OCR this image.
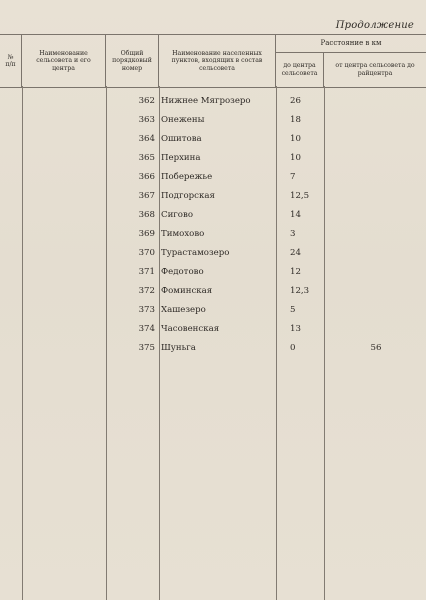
Продолжение
№
п/п
Наименование сельсовета и его центра
Общий порядковый номер
Наименование населенных пунктов, входящих в состав сельсовета
Расстояние в км
до центра сельсовета
от центра сельсовета до райцентра
362 Нижнее Мягрозеро	26
363 Онежены	18
364 Ошитова	10
365 Перхина	10
366 Побережье	7
367 Подгорская	12,5
368 Сигово	14
369 Тимохово	3
370 Турастамозеро	24
371 Федотово	12
372 Фоминская	12,3
373 Хашезеро	5
374 Часовенская	13
375 Шуньга	0	56
